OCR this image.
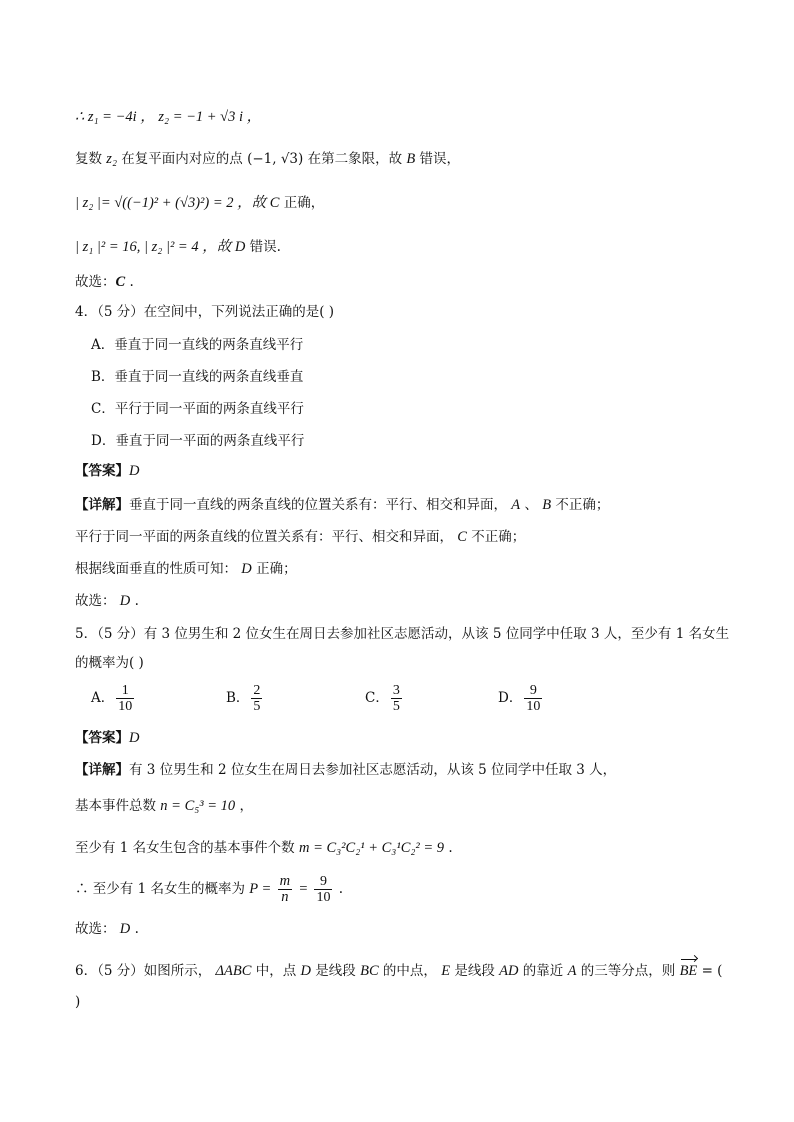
∴ z₁ = −4i ， z₂ = −1 + √3 i ，
复数 z₂ 在复平面内对应的点 (−1, √3) 在第二象限，故 B 错误，
| z₂ |= √((−1)² + (√3)²) = 2 ，故 C 正确，
| z₁ |² = 16, | z₂ |² = 4 ，故 D 错误.
故选：C .
4．（5 分）在空间中，下列说法正确的是( )
A．垂直于同一直线的两条直线平行
B．垂直于同一直线的两条直线垂直
C．平行于同一平面的两条直线平行
D．垂直于同一平面的两条直线平行
【答案】D
【详解】垂直于同一直线的两条直线的位置关系有：平行、相交和异面， A 、 B 不正确；
平行于同一平面的两条直线的位置关系有：平行、相交和异面， C 不正确；
根据线面垂直的性质可知： D 正确；
故选： D .
5．（5 分）有 3 位男生和 2 位女生在周日去参加社区志愿活动，从该 5 位同学中任取 3 人，至少有 1 名女生
的概率为( )
A． $\frac{1}{10}$	B． $\frac{2}{5}$	C． $\frac{3}{5}$	D． $\frac{9}{10}$
【答案】D
【详解】有 3 位男生和 2 位女生在周日去参加社区志愿活动，从该 5 位同学中任取 3 人，
基本事件总数 n = C₅³ = 10 ，
至少有 1 名女生包含的基本事件个数 m = C₃²C₂¹ + C₃¹C₂² = 9 .
∴ 至少有 1 名女生的概率为 $P = \frac{m}{n} = \frac{9}{10}$ .
故选： D .
6．（5 分）如图所示， ΔABC 中，点 D 是线段 BC 的中点， E 是线段 AD 的靠近 A 的三等分点，则 BE = (
)
